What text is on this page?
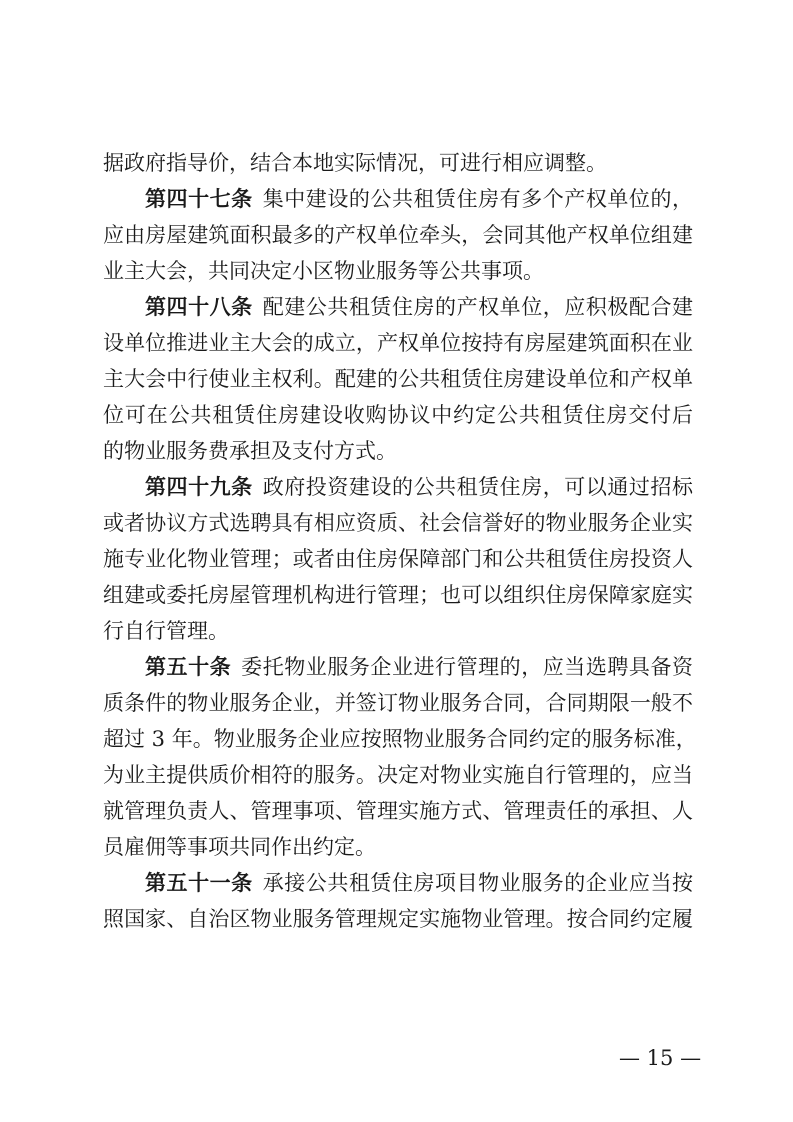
据政府指导价，结合本地实际情况，可进行相应调整。
第四十七条 集中建设的公共租赁住房有多个产权单位的，
应由房屋建筑面积最多的产权单位牵头，会同其他产权单位组建
业主大会，共同决定小区物业服务等公共事项。
第四十八条 配建公共租赁住房的产权单位，应积极配合建
设单位推进业主大会的成立，产权单位按持有房屋建筑面积在业
主大会中行使业主权利。配建的公共租赁住房建设单位和产权单
位可在公共租赁住房建设收购协议中约定公共租赁住房交付后
的物业服务费承担及支付方式。
第四十九条 政府投资建设的公共租赁住房，可以通过招标
或者协议方式选聘具有相应资质、社会信誉好的物业服务企业实
施专业化物业管理；或者由住房保障部门和公共租赁住房投资人
组建或委托房屋管理机构进行管理；也可以组织住房保障家庭实
行自行管理。
第五十条 委托物业服务企业进行管理的，应当选聘具备资
质条件的物业服务企业，并签订物业服务合同，合同期限一般不
超过 3 年。物业服务企业应按照物业服务合同约定的服务标准，
为业主提供质价相符的服务。决定对物业实施自行管理的，应当
就管理负责人、管理事项、管理实施方式、管理责任的承担、人
员雇佣等事项共同作出约定。
第五十一条 承接公共租赁住房项目物业服务的企业应当按
照国家、自治区物业服务管理规定实施物业管理。按合同约定履
— 15 —
